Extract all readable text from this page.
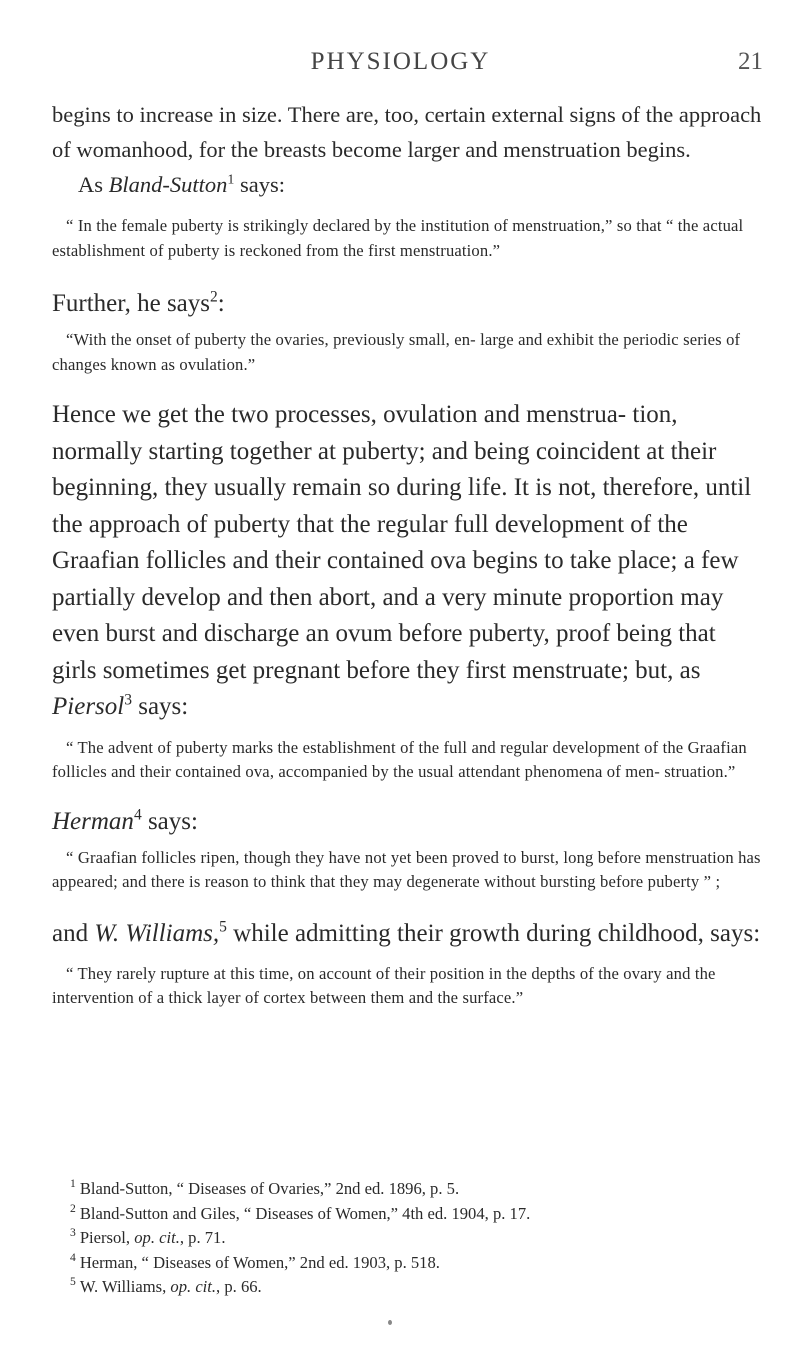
PHYSIOLOGY	21

begins to increase in size. There are, too, certain external signs of the approach of womanhood, for the breasts become larger and menstruation begins.

As Bland-Sutton$^1$ says:

“ In the female puberty is strikingly declared by the institution of menstruation,” so that “ the actual establishment of puberty is reckoned from the first menstruation.”

Further, he says$^2$:

“With the onset of puberty the ovaries, previously small, en- large and exhibit the periodic series of changes known as ovulation.”

Hence we get the two processes, ovulation and menstrua- tion, normally starting together at puberty; and being coincident at their beginning, they usually remain so during life. It is not, therefore, until the approach of puberty that the regular full development of the Graafian follicles and their contained ova begins to take place; a few partially develop and then abort, and a very minute proportion may even burst and discharge an ovum before puberty, proof being that girls sometimes get pregnant before they first menstruate; but, as Piersol$^3$ says:

“ The advent of puberty marks the establishment of the full and regular development of the Graafian follicles and their contained ova, accompanied by the usual attendant phenomena of men- struation.”

Herman$^4$ says:

“ Graafian follicles ripen, though they have not yet been proved to burst, long before menstruation has appeared; and there is reason to think that they may degenerate without bursting before puberty ” ;

and W. Williams,$^5$ while admitting their growth during childhood, says:

“ They rarely rupture at this time, on account of their position in the depths of the ovary and the intervention of a thick layer of cortex between them and the surface.”

$^1$ Bland-Sutton, “ Diseases of Ovaries,” 2nd ed. 1896, p. 5.

$^2$ Bland-Sutton and Giles, “ Diseases of Women,” 4th ed. 1904, p. 17.

$^3$ Piersol, op. cit., p. 71.

$^4$ Herman, “ Diseases of Women,” 2nd ed. 1903, p. 518.

$^5$ W. Williams, op. cit., p. 66.
